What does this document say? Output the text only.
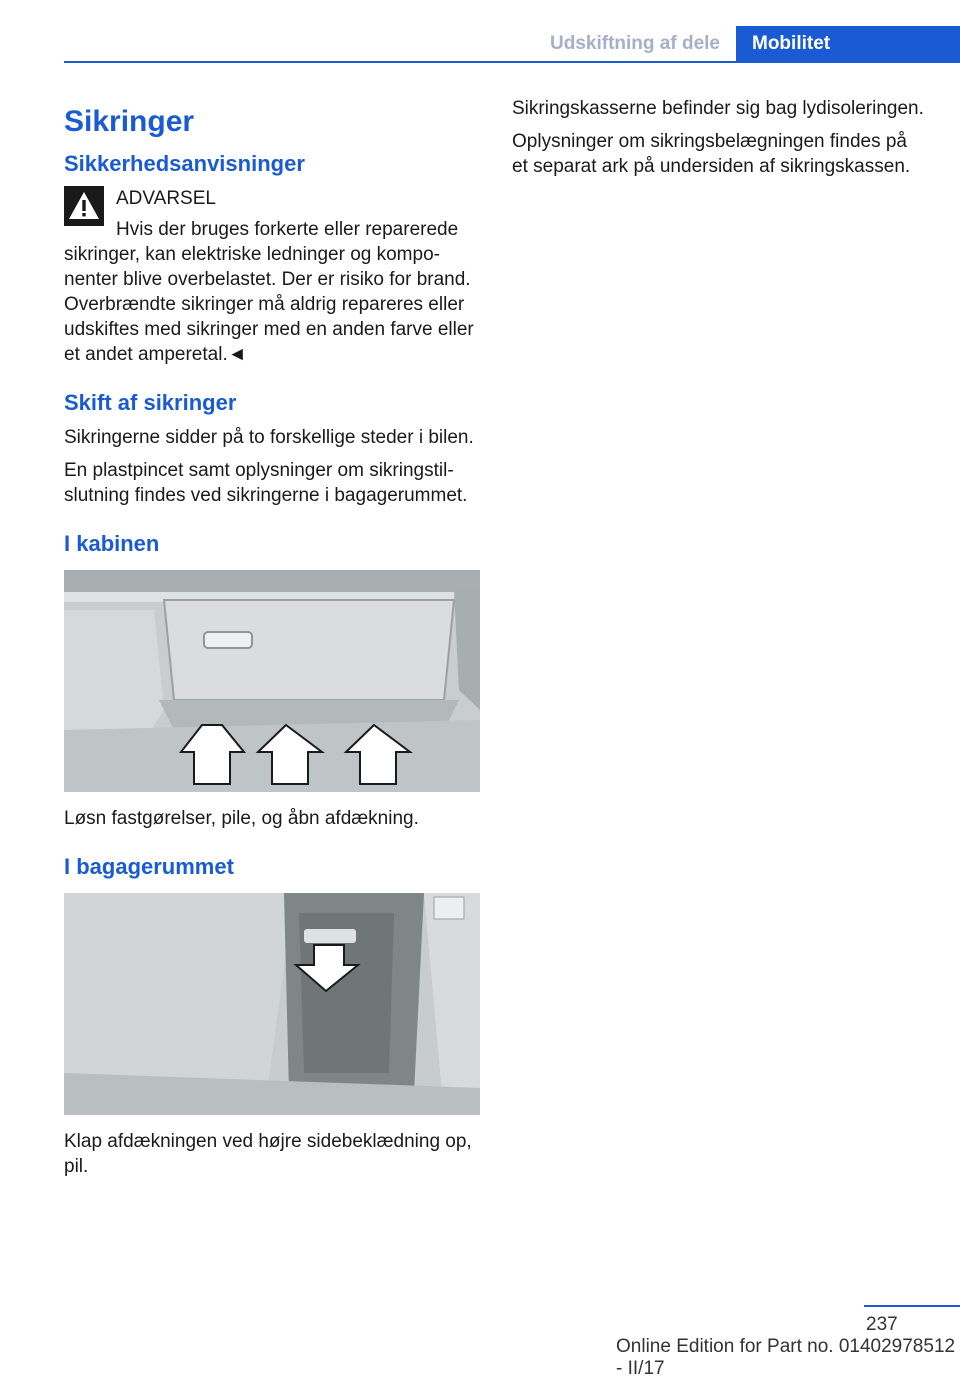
Udskiftning af dele	Mobilitet
Sikringer
Sikkerhedsanvisninger
ADVARSEL

Hvis der bruges forkerte eller reparerede sikringer, kan elektriske ledninger og komponenter blive overbelastet. Der er risiko for brand. Overbrændte sikringer må aldrig repareres eller udskiftes med sikringer med en anden farve eller et andet amperetal.◄

Skift af sikringer

Sikringerne sidder på to forskellige steder i bilen.

En plastpincet samt oplysninger om sikringstilslutning findes ved sikringerne i bagagerummet.

I kabinen

Løsn fastgørelser, pile, og åbn afdækning.

I bagagerummet

Klap afdækningen ved højre sidebeklædning op, pil.

Sikringskasserne befinder sig bag lydisoleringen.

Oplysninger om sikringsbelægningen findes på et separat ark på undersiden af sikringskassen.

237
Online Edition for Part no. 01402978512 - II/17
